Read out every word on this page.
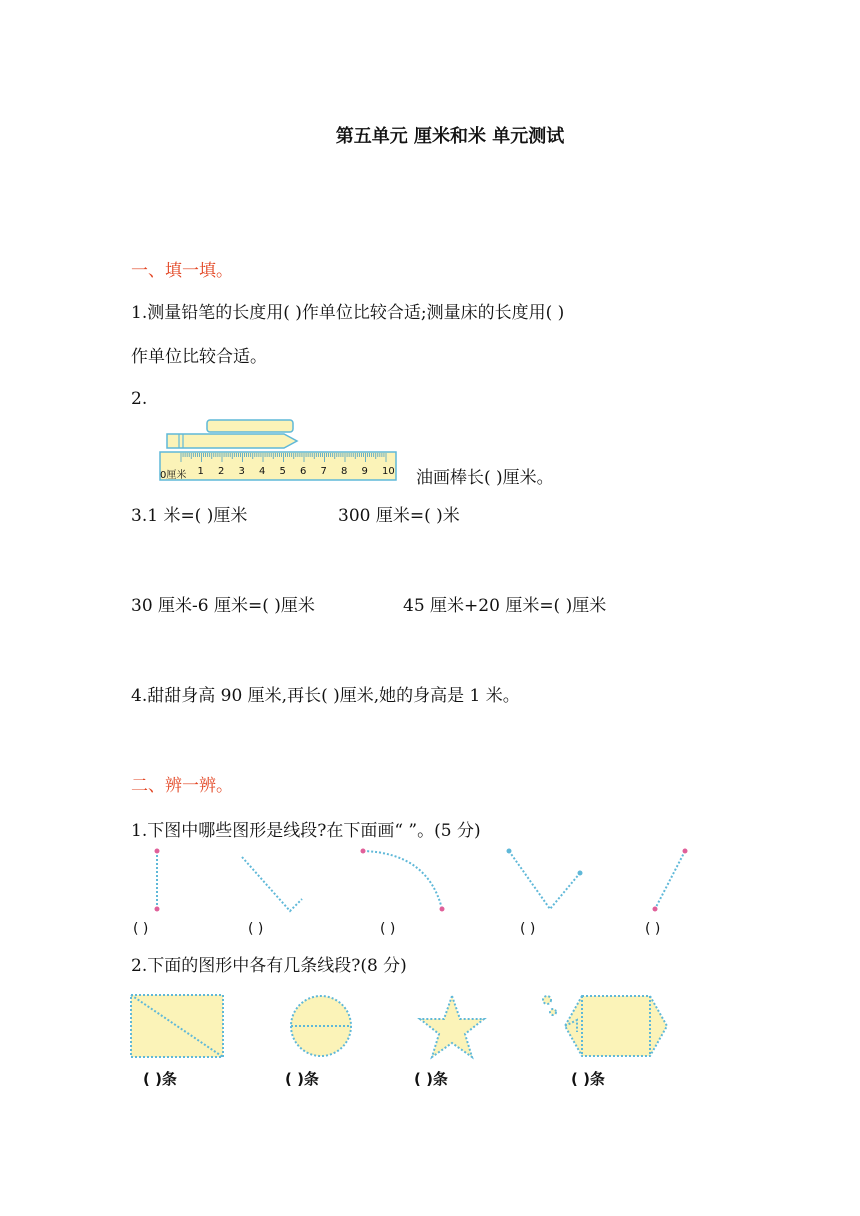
第五单元 厘米和米 单元测试
一、填一填。
1.测量铅笔的长度用( )作单位比较合适;测量床的长度用( )
作单位比较合适。
2.
0厘米 1 2 3 4 5 6 7 8 9 10 油画棒长( )厘米。
3.1 米=( )厘米	300 厘米=( )米
30 厘米-6 厘米=( )厘米	45 厘米+20 厘米=( )厘米
4.甜甜身高 90 厘米,再长( )厘米,她的身高是 1 米。
二、辨一辨。
1.下图中哪些图形是线段?在下面画“ ”。(5 分)
( )	( )	( )	( )	( )
2.下面的图形中各有几条线段?(8 分)
( )条	( )条	( )条	( )条
